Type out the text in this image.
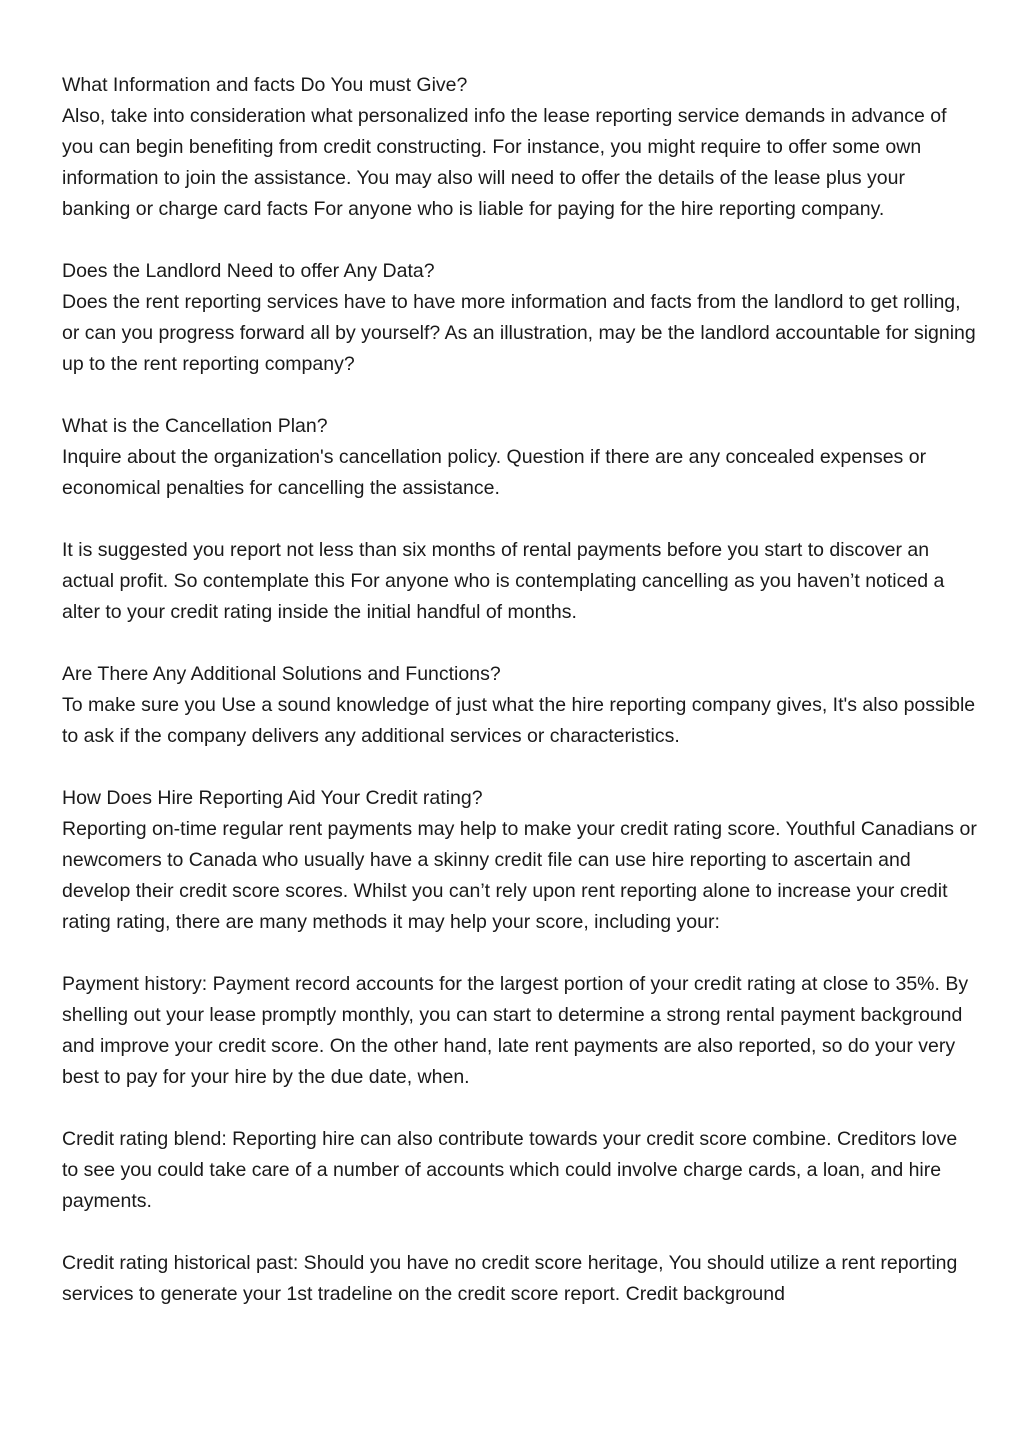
What Information and facts Do You must Give?
Also, take into consideration what personalized info the lease reporting service demands in advance of you can begin benefiting from credit constructing. For instance, you might require to offer some own information to join the assistance. You may also will need to offer the details of the lease plus your banking or charge card facts For anyone who is liable for paying for the hire reporting company.
Does the Landlord Need to offer Any Data?
Does the rent reporting services have to have more information and facts from the landlord to get rolling, or can you progress forward all by yourself? As an illustration, may be the landlord accountable for signing up to the rent reporting company?
What is the Cancellation Plan?
Inquire about the organization's cancellation policy. Question if there are any concealed expenses or economical penalties for cancelling the assistance.
It is suggested you report not less than six months of rental payments before you start to discover an actual profit. So contemplate this For anyone who is contemplating cancelling as you haven’t noticed a alter to your credit rating inside the initial handful of months.
Are There Any Additional Solutions and Functions?
To make sure you Use a sound knowledge of just what the hire reporting company gives, It's also possible to ask if the company delivers any additional services or characteristics.
How Does Hire Reporting Aid Your Credit rating?
Reporting on-time regular rent payments may help to make your credit rating score. Youthful Canadians or newcomers to Canada who usually have a skinny credit file can use hire reporting to ascertain and develop their credit score scores. Whilst you can’t rely upon rent reporting alone to increase your credit rating rating, there are many methods it may help your score, including your:
Payment history: Payment record accounts for the largest portion of your credit rating at close to 35%. By shelling out your lease promptly monthly, you can start to determine a strong rental payment background and improve your credit score. On the other hand, late rent payments are also reported, so do your very best to pay for your hire by the due date, when.
Credit rating blend: Reporting hire can also contribute towards your credit score combine. Creditors love to see you could take care of a number of accounts which could involve charge cards, a loan, and hire payments.
Credit rating historical past: Should you have no credit score heritage, You should utilize a rent reporting services to generate your 1st tradeline on the credit score report. Credit background
